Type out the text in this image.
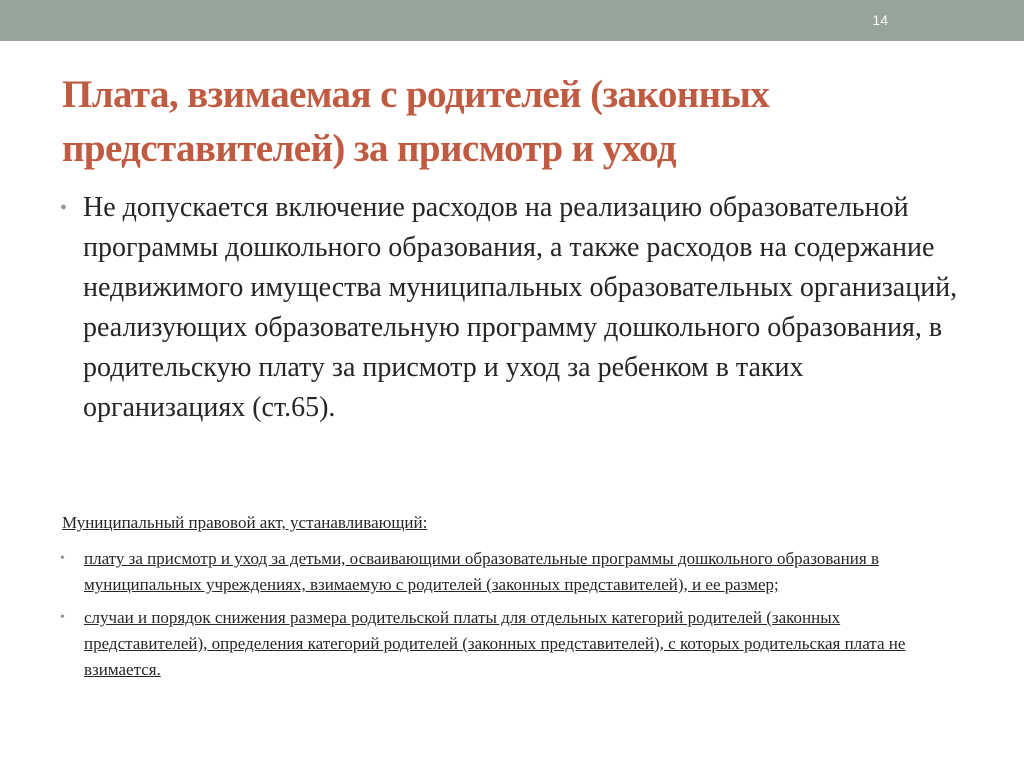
14
Плата, взимаемая с родителей (законных представителей) за присмотр и уход
• Не допускается включение расходов на реализацию образовательной программы дошкольного образования, а также расходов на содержание недвижимого имущества муниципальных образовательных организаций, реализующих образовательную программу дошкольного образования, в родительскую плату за присмотр и уход за ребенком в таких организациях (ст.65).

Муниципальный правовой акт, устанавливающий:

• плату за присмотр и уход за детьми, осваивающими образовательные программы дошкольного образования в муниципальных учреждениях, взимаемую с родителей (законных представителей), и ее размер;
• случаи и порядок снижения размера родительской платы для отдельных категорий родителей (законных представителей), определения категорий родителей (законных представителей), с которых родительская плата не взимается.
